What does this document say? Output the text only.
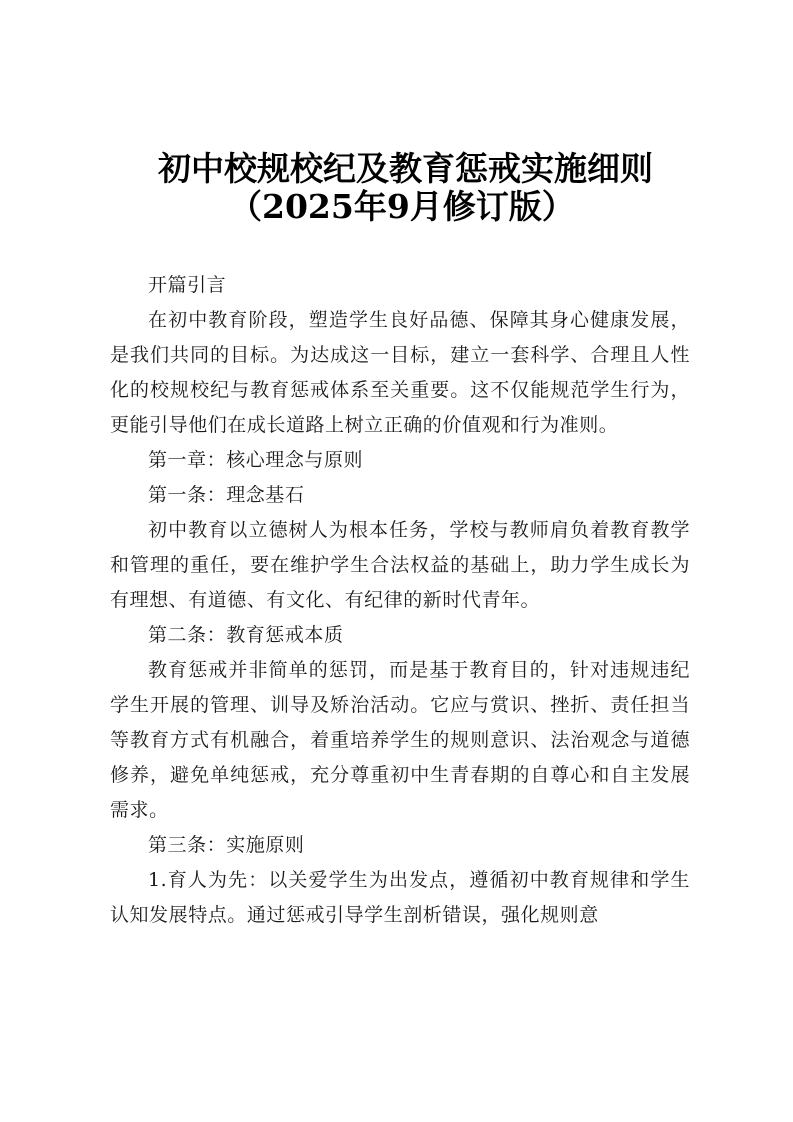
初中校规校纪及教育惩戒实施细则
（2025年9月修订版）

开篇引言

在初中教育阶段，塑造学生良好品德、保障其身心健康发展，是我们共同的目标。为达成这一目标，建立一套科学、合理且人性化的校规校纪与教育惩戒体系至关重要。这不仅能规范学生行为，更能引导他们在成长道路上树立正确的价值观和行为准则。

第一章：核心理念与原则

第一条：理念基石

初中教育以立德树人为根本任务，学校与教师肩负着教育教学和管理的重任，要在维护学生合法权益的基础上，助力学生成长为有理想、有道德、有文化、有纪律的新时代青年。

第二条：教育惩戒本质

教育惩戒并非简单的惩罚，而是基于教育目的，针对违规违纪学生开展的管理、训导及矫治活动。它应与赏识、挫折、责任担当等教育方式有机融合，着重培养学生的规则意识、法治观念与道德修养，避免单纯惩戒，充分尊重初中生青春期的自尊心和自主发展需求。

第三条：实施原则

1.育人为先：以关爱学生为出发点，遵循初中教育规律和学生认知发展特点。通过惩戒引导学生剖析错误，强化规则意
